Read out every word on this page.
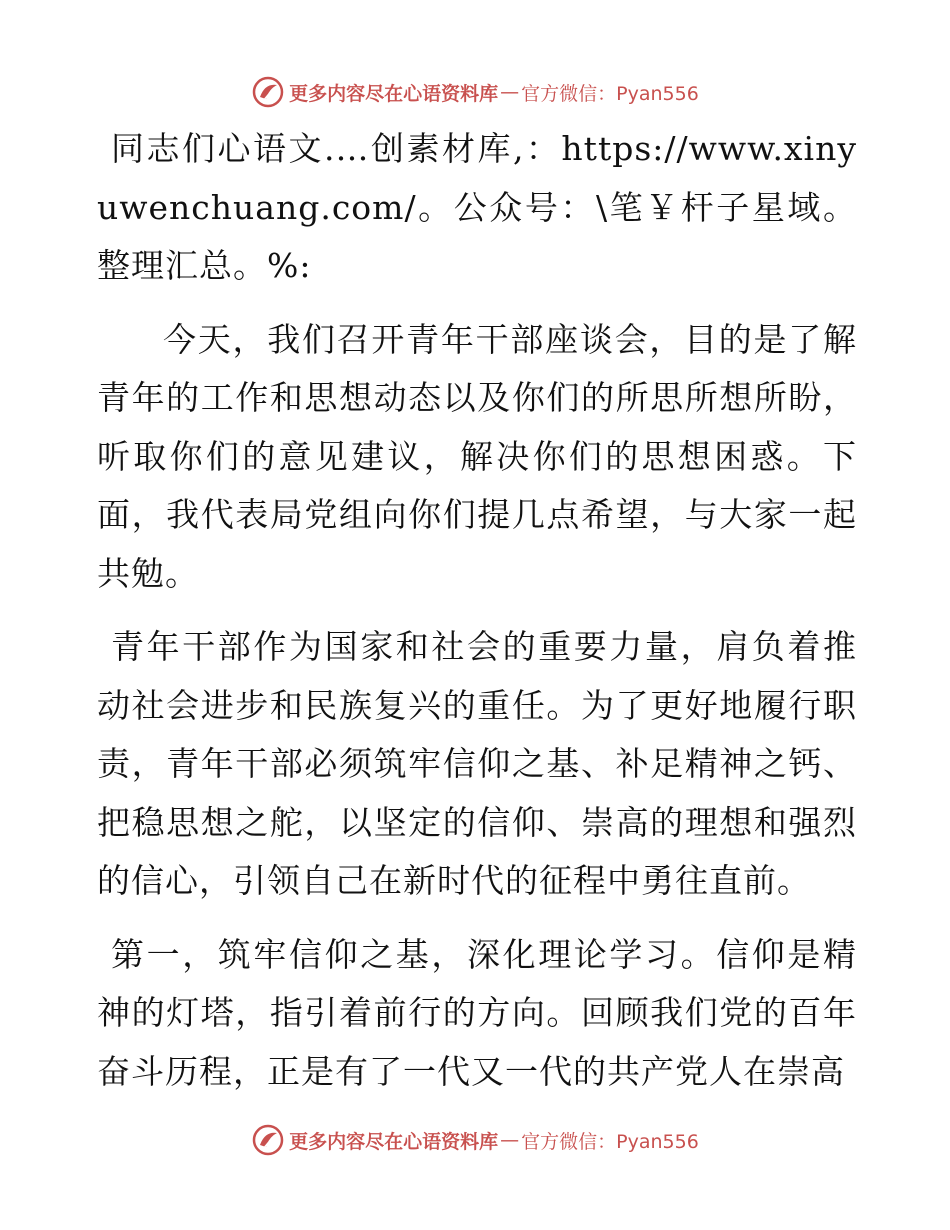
更多内容尽在心语资料库 — 官方微信：Pyan556

同志们心语文.…创素材库,：https://www.xinyuwenchuang.com/。公众号：\笔￥杆子星域。整理汇总。%:

今天，我们召开青年干部座谈会，目的是了解青年的工作和思想动态以及你们的所思所想所盼，听取你们的意见建议，解决你们的思想困惑。下面，我代表局党组向你们提几点希望，与大家一起共勉。

青年干部作为国家和社会的重要力量，肩负着推动社会进步和民族复兴的重任。为了更好地履行职责，青年干部必须筑牢信仰之基、补足精神之钙、把稳思想之舵，以坚定的信仰、崇高的理想和强烈的信心，引领自己在新时代的征程中勇往直前。

第一，筑牢信仰之基，深化理论学习。信仰是精神的灯塔，指引着前行的方向。回顾我们党的百年奋斗历程，正是有了一代又一代的共产党人在崇高

更多内容尽在心语资料库 — 官方微信：Pyan556
